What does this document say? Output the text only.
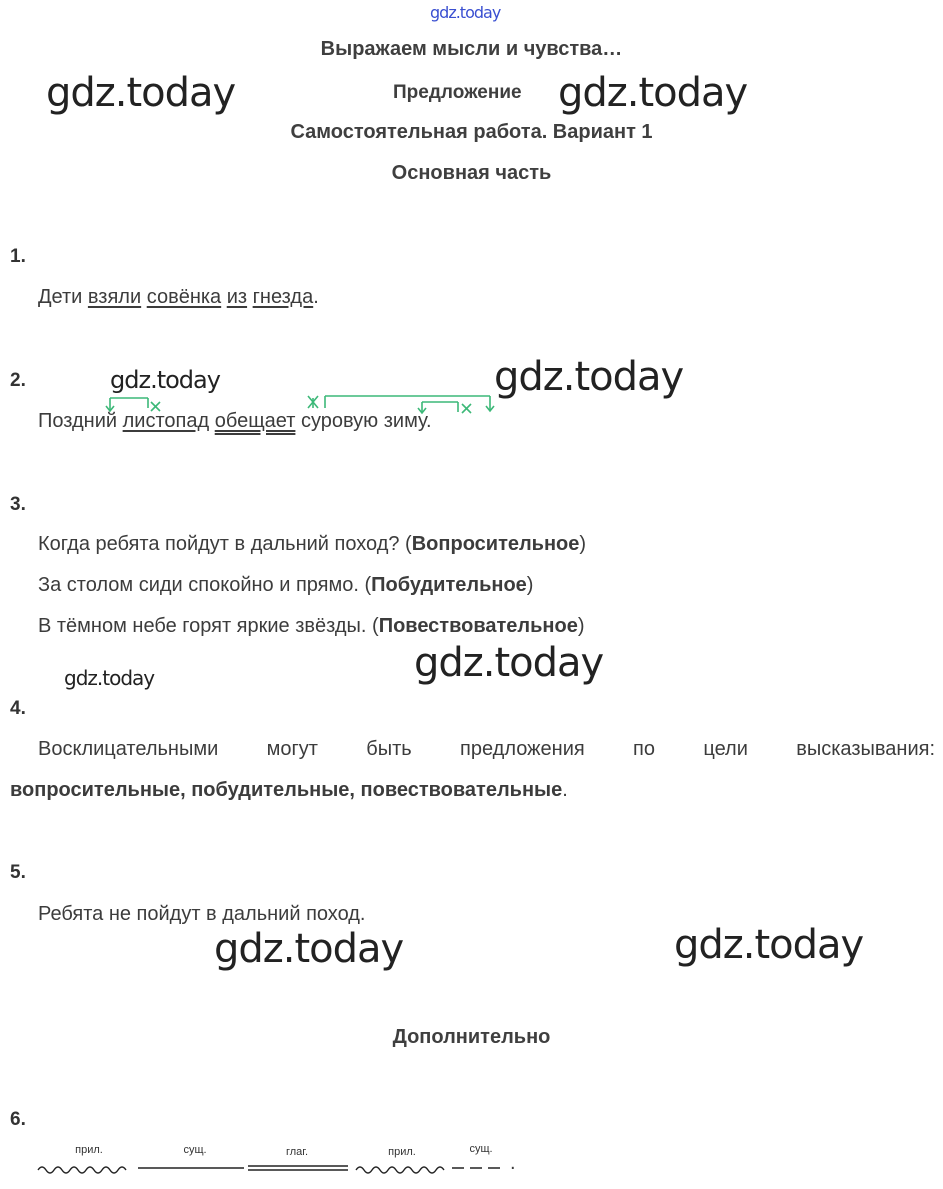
gdz.today
gdz.today	gdz.today
gdz.today	gdz.today
gdz.today
gdz.today
gdz.today	gdz.today
Выражаем мысли и чувства…
Предложение
Самостоятельная работа. Вариант 1
Основная часть
1.
Дети взяли совёнка из гнезда.
2.
Поздний листопад обещает суровую зиму.
3.
Когда ребята пойдут в дальний поход? (Вопросительное)
За столом сиди спокойно и прямо. (Побудительное)
В тёмном небе горят яркие звёзды. (Повествовательное)
4.
Восклицательными могут быть предложения по цели высказывания:
вопросительные, побудительные, повествовательные.
5.
Ребята не пойдут в дальний поход.
Дополнительно
6.
прил.	сущ.	глаг.	прил.	сущ.
.
